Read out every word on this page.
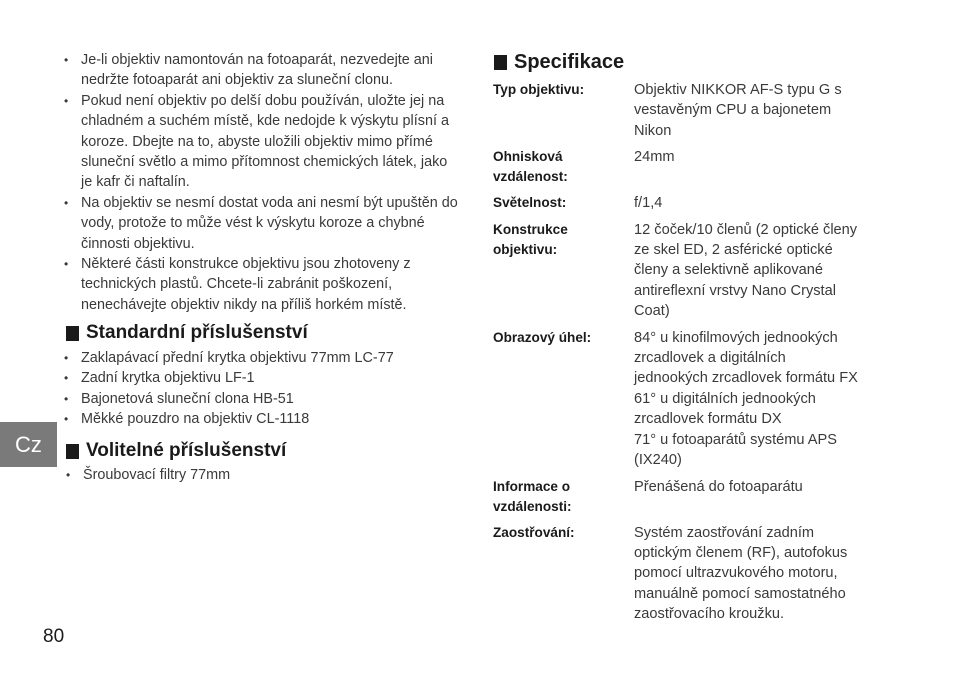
• Je-li objektiv namontován na fotoaparát, nezvedejte ani nedržte fotoaparát ani objektiv za sluneční clonu.
• Pokud není objektiv po delší dobu používán, uložte jej na chladném a suchém místě, kde nedojde k výskytu plísní a koroze. Dbejte na to, abyste uložili objektiv mimo přímé sluneční světlo a mimo přítomnost chemických látek, jako je kafr či naftalín.
• Na objektiv se nesmí dostat voda ani nesmí být upuštěn do vody, protože to může vést k výskytu koroze a chybné činnosti objektivu.
• Některé části konstrukce objektivu jsou zhotoveny z technických plastů. Chcete-li zabránit poškození, nenechávejte objektiv nikdy na příliš horkém místě.
Standardní příslušenství
• Zaklapávací přední krytka objektivu 77mm LC-77
• Zadní krytka objektivu LF-1
• Bajonetová sluneční clona HB-51
• Měkké pouzdro na objektiv CL-1118
Volitelné příslušenství
• Šroubovací filtry 77mm
Specifikace
Typ objektivu:	Objektiv NIKKOR AF-S typu G s
vestavěným CPU a bajonetem
Nikon
Ohnisková
vzdálenost:
24mm
Světelnost:	f/1,4
Konstrukce
objektivu:
12 čoček/10 členů (2 optické členy
ze skel ED, 2 asférické optické
členy a selektivně aplikované
antireflexní vrstvy Nano Crystal
Coat)
Obrazový úhel:	84° u kinofilmových jednookých
zrcadlovek a digitálních
jednookých zrcadlovek formátu FX
61° u digitálních jednookých
zrcadlovek formátu DX
71° u fotoaparátů systému APS
(IX240)
Informace o
vzdálenosti:
Přenášená do fotoaparátu
Zaostřování:	Systém zaostřování zadním
optickým členem (RF), autofokus
pomocí ultrazvukového motoru,
manuálně pomocí samostatného
zaostřovacího kroužku.
Cz
80
